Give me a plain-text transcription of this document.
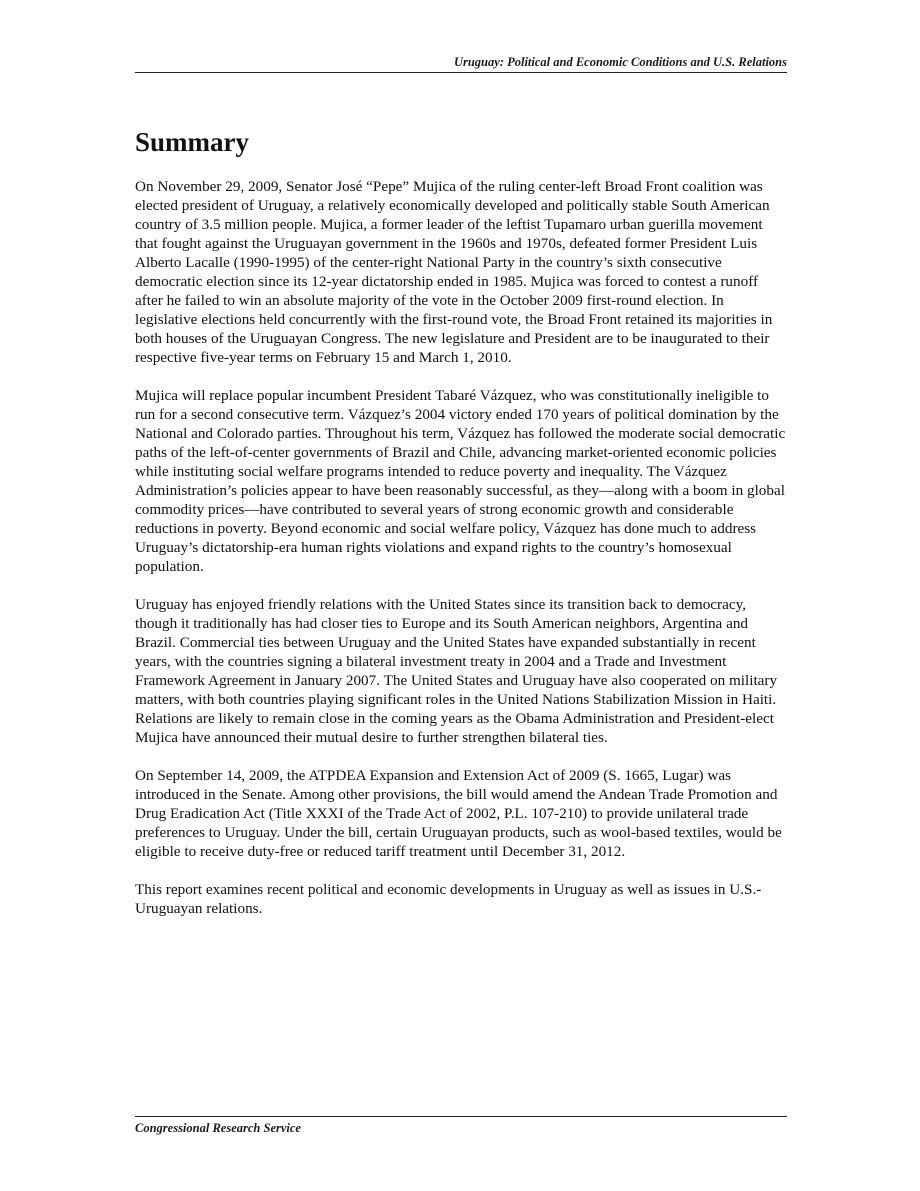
Uruguay: Political and Economic Conditions and U.S. Relations
Summary

On November 29, 2009, Senator José “Pepe” Mujica of the ruling center-left Broad Front coalition was elected president of Uruguay, a relatively economically developed and politically stable South American country of 3.5 million people. Mujica, a former leader of the leftist Tupamaro urban guerilla movement that fought against the Uruguayan government in the 1960s and 1970s, defeated former President Luis Alberto Lacalle (1990-1995) of the center-right National Party in the country’s sixth consecutive democratic election since its 12-year dictatorship ended in 1985. Mujica was forced to contest a runoff after he failed to win an absolute majority of the vote in the October 2009 first-round election. In legislative elections held concurrently with the first-round vote, the Broad Front retained its majorities in both houses of the Uruguayan Congress. The new legislature and President are to be inaugurated to their respective five-year terms on February 15 and March 1, 2010.

Mujica will replace popular incumbent President Tabaré Vázquez, who was constitutionally ineligible to run for a second consecutive term. Vázquez’s 2004 victory ended 170 years of political domination by the National and Colorado parties. Throughout his term, Vázquez has followed the moderate social democratic paths of the left-of-center governments of Brazil and Chile, advancing market-oriented economic policies while instituting social welfare programs intended to reduce poverty and inequality. The Vázquez Administration’s policies appear to have been reasonably successful, as they—along with a boom in global commodity prices—have contributed to several years of strong economic growth and considerable reductions in poverty. Beyond economic and social welfare policy, Vázquez has done much to address Uruguay’s dictatorship-era human rights violations and expand rights to the country’s homosexual population.

Uruguay has enjoyed friendly relations with the United States since its transition back to democracy, though it traditionally has had closer ties to Europe and its South American neighbors, Argentina and Brazil. Commercial ties between Uruguay and the United States have expanded substantially in recent years, with the countries signing a bilateral investment treaty in 2004 and a Trade and Investment Framework Agreement in January 2007. The United States and Uruguay have also cooperated on military matters, with both countries playing significant roles in the United Nations Stabilization Mission in Haiti. Relations are likely to remain close in the coming years as the Obama Administration and President-elect Mujica have announced their mutual desire to further strengthen bilateral ties.

On September 14, 2009, the ATPDEA Expansion and Extension Act of 2009 (S. 1665, Lugar) was introduced in the Senate. Among other provisions, the bill would amend the Andean Trade Promotion and Drug Eradication Act (Title XXXI of the Trade Act of 2002, P.L. 107-210) to provide unilateral trade preferences to Uruguay. Under the bill, certain Uruguayan products, such as wool-based textiles, would be eligible to receive duty-free or reduced tariff treatment until December 31, 2012.

This report examines recent political and economic developments in Uruguay as well as issues in U.S.-Uruguayan relations.

Congressional Research Service
